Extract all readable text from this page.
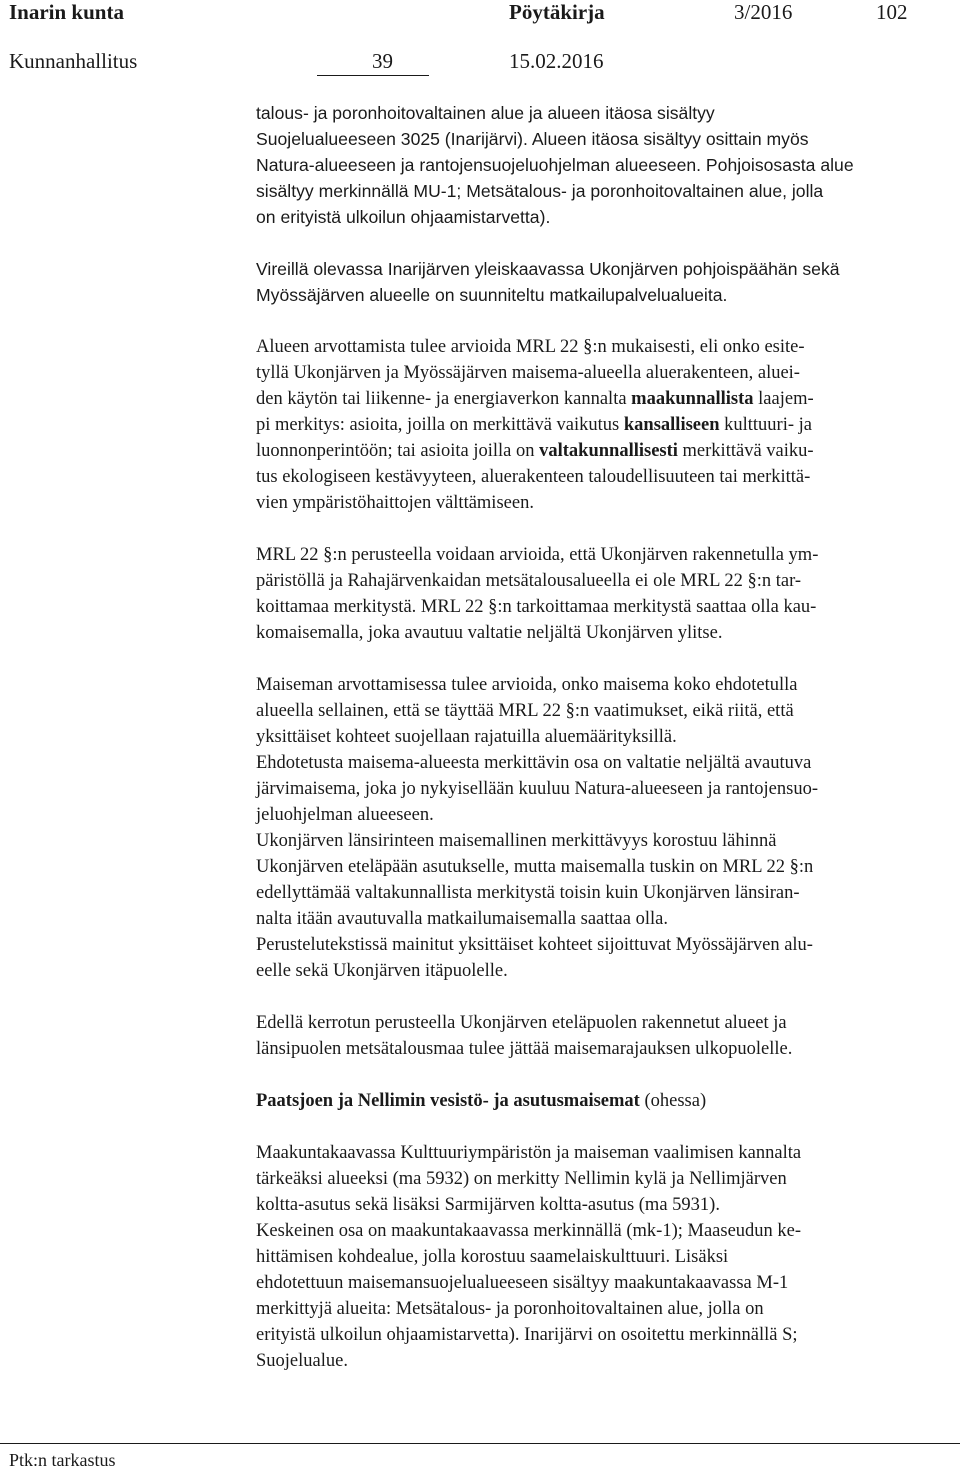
Inarin kunta	Pöytäkirja	3/2016	102
Kunnanhallitus	39	15.02.2016

talous- ja poronhoitovaltainen alue ja alueen itäosa sisältyy
Suojelualueeseen 3025 (Inarijärvi). Alueen itäosa sisältyy osittain myös
Natura-alueeseen ja rantojensuojeluohjelman alueeseen. Pohjoisosasta alue
sisältyy merkinnällä MU-1; Metsätalous- ja poronhoitovaltainen alue, jolla
on erityistä ulkoilun ohjaamistarvetta).

Vireillä olevassa Inarijärven yleiskaavassa Ukonjärven pohjoispäähän sekä
Myössäjärven alueelle on suunniteltu matkailupalvelualueita.

Alueen arvottamista tulee arvioida MRL 22 §:n mukaisesti, eli onko esite-
tyllä Ukonjärven ja Myössäjärven maisema-alueella aluerakenteen, aluei-
den käytön tai liikenne- ja energiaverkon kannalta maakunnallista laajem-
pi merkitys: asioita, joilla on merkittävä vaikutus kansalliseen kulttuuri- ja
luonnonperintöön; tai asioita joilla on valtakunnallisesti merkittävä vaiku-
tus ekologiseen kestävyyteen, aluerakenteen taloudellisuuteen tai merkittä-
vien ympäristöhaittojen välttämiseen.

MRL 22 §:n perusteella voidaan arvioida, että Ukonjärven rakennetulla ym-
päristöllä ja Rahajärvenkaidan metsätalousalueella ei ole MRL 22 §:n tar-
koittamaa merkitystä. MRL 22 §:n tarkoittamaa merkitystä saattaa olla kau-
komaisemalla, joka avautuu valtatie neljältä Ukonjärven ylitse.

Maiseman arvottamisessa tulee arvioida, onko maisema koko ehdotetulla
alueella sellainen, että se täyttää MRL 22 §:n vaatimukset, eikä riitä, että
yksittäiset kohteet suojellaan rajatuilla aluemäärityksillä.

Ehdotetusta maisema-alueesta merkittävin osa on valtatie neljältä avautuva
järvimaisema, joka jo nykyisellään kuuluu Natura-alueeseen ja rantojensuo-
jeluohjelman alueeseen.

Ukonjärven länsirinteen maisemallinen merkittävyys korostuu lähinnä
Ukonjärven eteläpään asutukselle, mutta maisemalla tuskin on MRL 22 §:n
edellyttämää valtakunnallista merkitystä toisin kuin Ukonjärven länsiran-
nalta itään avautuvalla matkailumaisemalla saattaa olla.

Perustelutekstissä mainitut yksittäiset kohteet sijoittuvat Myössäjärven alu-
eelle sekä Ukonjärven itäpuolelle.

Edellä kerrotun perusteella Ukonjärven eteläpuolen rakennetut alueet ja
länsipuolen metsätalousmaa tulee jättää maisemarajauksen ulkopuolelle.

Paatsjoen ja Nellimin vesistö- ja asutusmaisemat (ohessa)

Maakuntakaavassa Kulttuuriympäristön ja maiseman vaalimisen kannalta
tärkeäksi alueeksi (ma 5932) on merkitty Nellimin kylä ja Nellimjärven
koltta-asutus sekä lisäksi Sarmijärven koltta-asutus (ma 5931).

Keskeinen osa on maakuntakaavassa merkinnällä (mk-1); Maaseudun ke-
hittämisen kohdealue, jolla korostuu saamelaiskulttuuri. Lisäksi
ehdotettuun maisemansuojelualueeseen sisältyy maakuntakaavassa M-1
merkittyjä alueita: Metsätalous- ja poronhoitovaltainen alue, jolla on
erityistä ulkoilun ohjaamistarvetta). Inarijärvi on osoitettu merkinnällä S;
Suojelualue.

Ptk:n tarkastus
